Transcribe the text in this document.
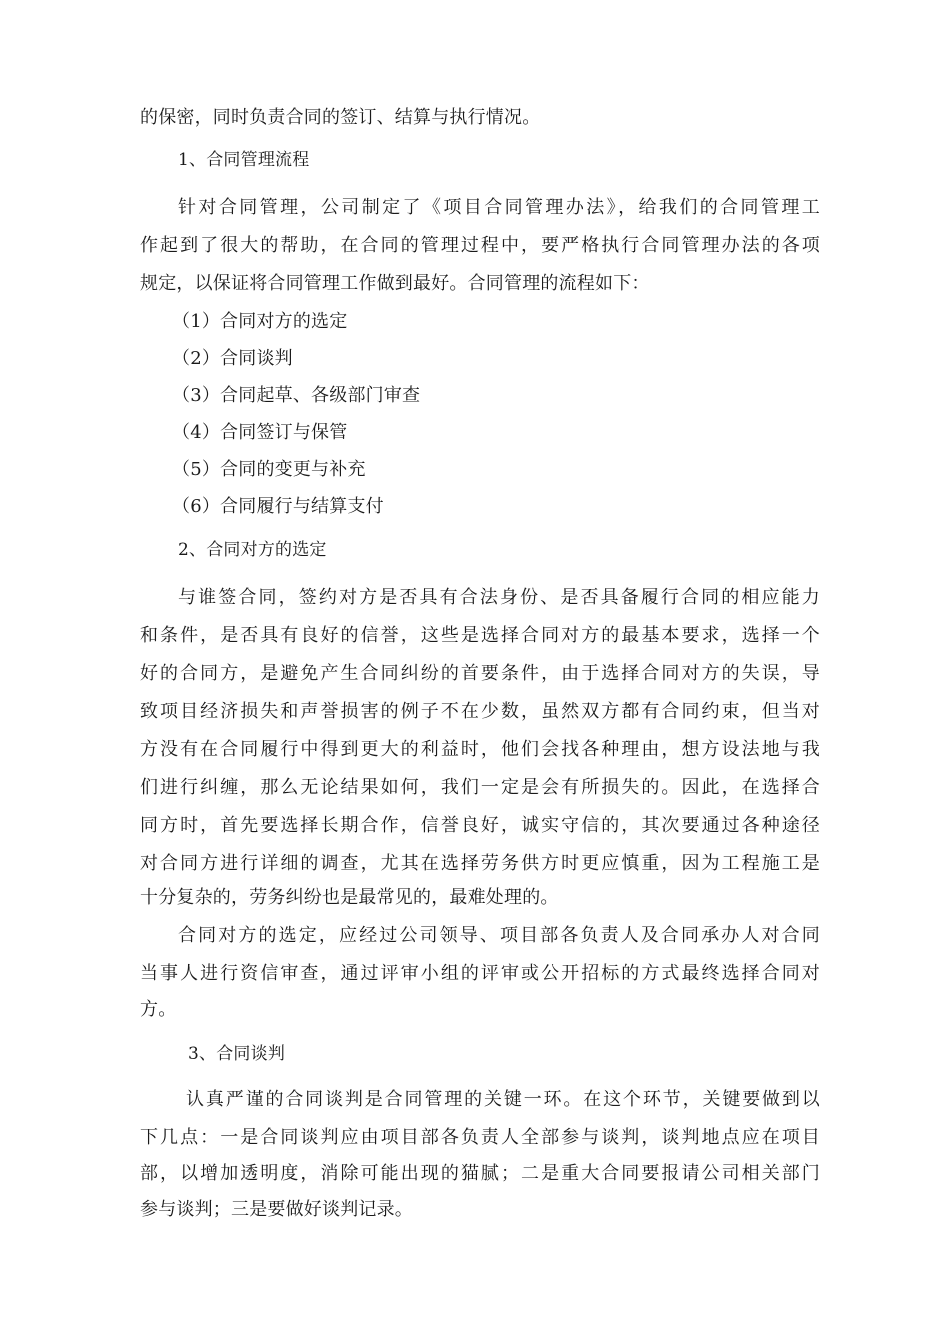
的保密，同时负责合同的签订、结算与执行情况。
1、合同管理流程
针对合同管理，公司制定了《项目合同管理办法》，给我们的合同管理工
作起到了很大的帮助，在合同的管理过程中，要严格执行合同管理办法的各项
规定，以保证将合同管理工作做到最好。合同管理的流程如下：
（1）合同对方的选定
（2）合同谈判
（3）合同起草、各级部门审查
（4）合同签订与保管
（5）合同的变更与补充
（6）合同履行与结算支付
2、合同对方的选定
与谁签合同，签约对方是否具有合法身份、是否具备履行合同的相应能力
和条件，是否具有良好的信誉，这些是选择合同对方的最基本要求，选择一个
好的合同方，是避免产生合同纠纷的首要条件，由于选择合同对方的失误，导
致项目经济损失和声誉损害的例子不在少数，虽然双方都有合同约束，但当对
方没有在合同履行中得到更大的利益时，他们会找各种理由，想方设法地与我
们进行纠缠，那么无论结果如何，我们一定是会有所损失的。因此，在选择合
同方时，首先要选择长期合作，信誉良好，诚实守信的，其次要通过各种途径
对合同方进行详细的调查，尤其在选择劳务供方时更应慎重，因为工程施工是
十分复杂的，劳务纠纷也是最常见的，最难处理的。
合同对方的选定，应经过公司领导、项目部各负责人及合同承办人对合同
当事人进行资信审查，通过评审小组的评审或公开招标的方式最终选择合同对
方。
3、合同谈判
认真严谨的合同谈判是合同管理的关键一环。在这个环节，关键要做到以
下几点：一是合同谈判应由项目部各负责人全部参与谈判，谈判地点应在项目
部，以增加透明度，消除可能出现的猫腻；二是重大合同要报请公司相关部门
参与谈判；三是要做好谈判记录。
